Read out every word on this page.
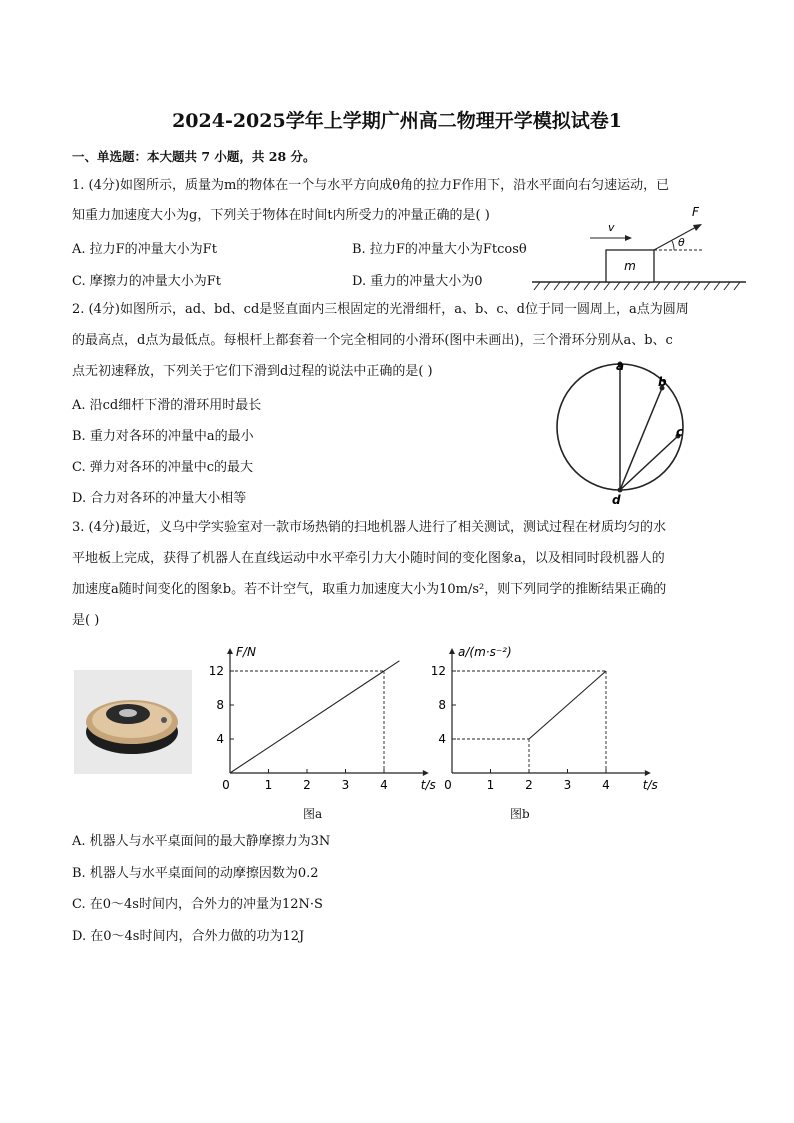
2024-2025学年上学期广州高二物理开学模拟试卷1
一、单选题：本大题共 7 小题，共 28 分。
1. (4分)如图所示，质量为m的物体在一个与水平方向成θ角的拉力F作用下，沿水平面向右匀速运动，已
知重力加速度大小为g，下列关于物体在时间t内所受力的冲量正确的是( )
A. 拉力F的冲量大小为Ft	B. 拉力F的冲量大小为Ftcosθ
C. 摩擦力的冲量大小为Ft	D. 重力的冲量大小为0
m
v
F
θ
2. (4分)如图所示，ad、bd、cd是竖直面内三根固定的光滑细杆，a、b、c、d位于同一圆周上，a点为圆周
的最高点，d点为最低点。每根杆上都套着一个完全相同的小滑环(图中未画出)，三个滑环分别从a、b、c
点无初速释放，下列关于它们下滑到d过程的说法中正确的是( )
A. 沿cd细杆下滑的滑环用时最长
B. 重力对各环的冲量中a的最小
C. 弹力对各环的冲量中c的最大
D. 合力对各环的冲量大小相等
a
b
c
d
3. (4分)最近，义乌中学实验室对一款市场热销的扫地机器人进行了相关测试，测试过程在材质均匀的水
平地板上完成，获得了机器人在直线运动中水平牵引力大小随时间的变化图象a，以及相同时段机器人的
加速度a随时间变化的图象b。若不计空气，取重力加速度大小为10m/s²，则下列同学的推断结果正确的
是( )
F/N
t/s
0	1	2	3	4
4
8
12
图a
a/(m·s⁻²)
t/s
0	1	2	3	4
4
8
12
图b
A. 机器人与水平桌面间的最大静摩擦力为3N
B. 机器人与水平桌面间的动摩擦因数为0.2
C. 在0～4s时间内，合外力的冲量为12N·S
D. 在0～4s时间内，合外力做的功为12J
